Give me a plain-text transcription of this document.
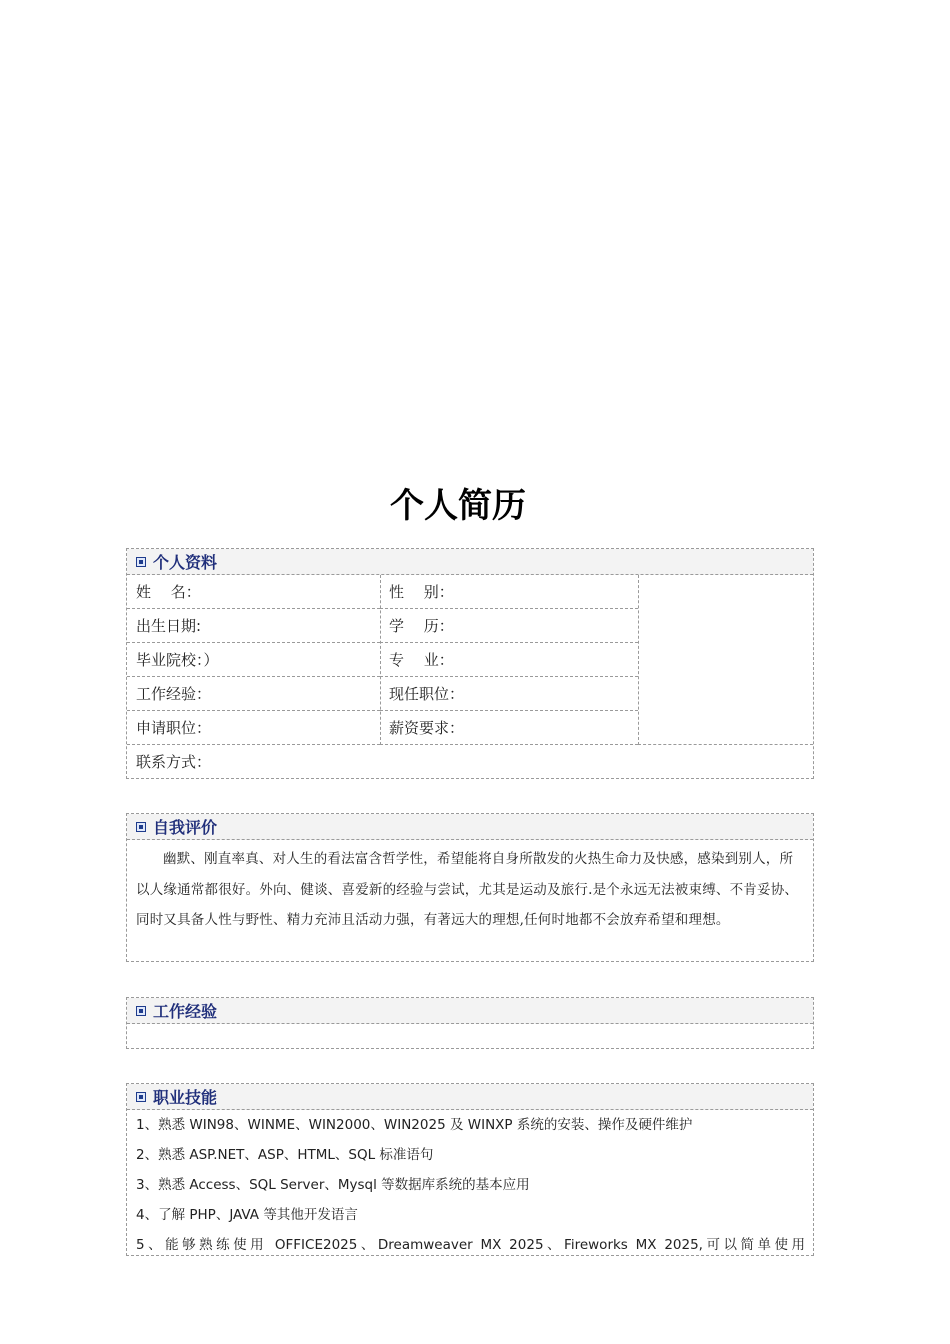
个人简历
个人资料
姓　 名：	性　 别：
出生日期:	学　 历：
毕业院校：）	专　 业：
工作经验：	现任职位：
申请职位：	薪资要求：
联系方式：
自我评价
幽默、刚直率真、对人生的看法富含哲学性，希望能将自身所散发的火热生命力及快感，感染到别人，所以人缘通常都很好。外向、健谈、喜爱新的经验与尝试，尤其是运动及旅行.是个永远无法被束缚、不肯妥协、同时又具备人性与野性、精力充沛且活动力强，有著远大的理想,任何时地都不会放弃希望和理想。
工作经验
职业技能
1、熟悉 WIN98、WINME、WIN2000、WIN2025 及 WINXP 系统的安装、操作及硬件维护
2、熟悉 ASP.NET、ASP、HTML、SQL 标准语句
3、熟悉 Access、SQL Server、Mysql 等数据库系统的基本应用
4、了解 PHP、JAVA 等其他开发语言
5、能够熟练使用 OFFICE2025、Dreamweaver MX 2025、Fireworks MX 2025,可以简单使用
